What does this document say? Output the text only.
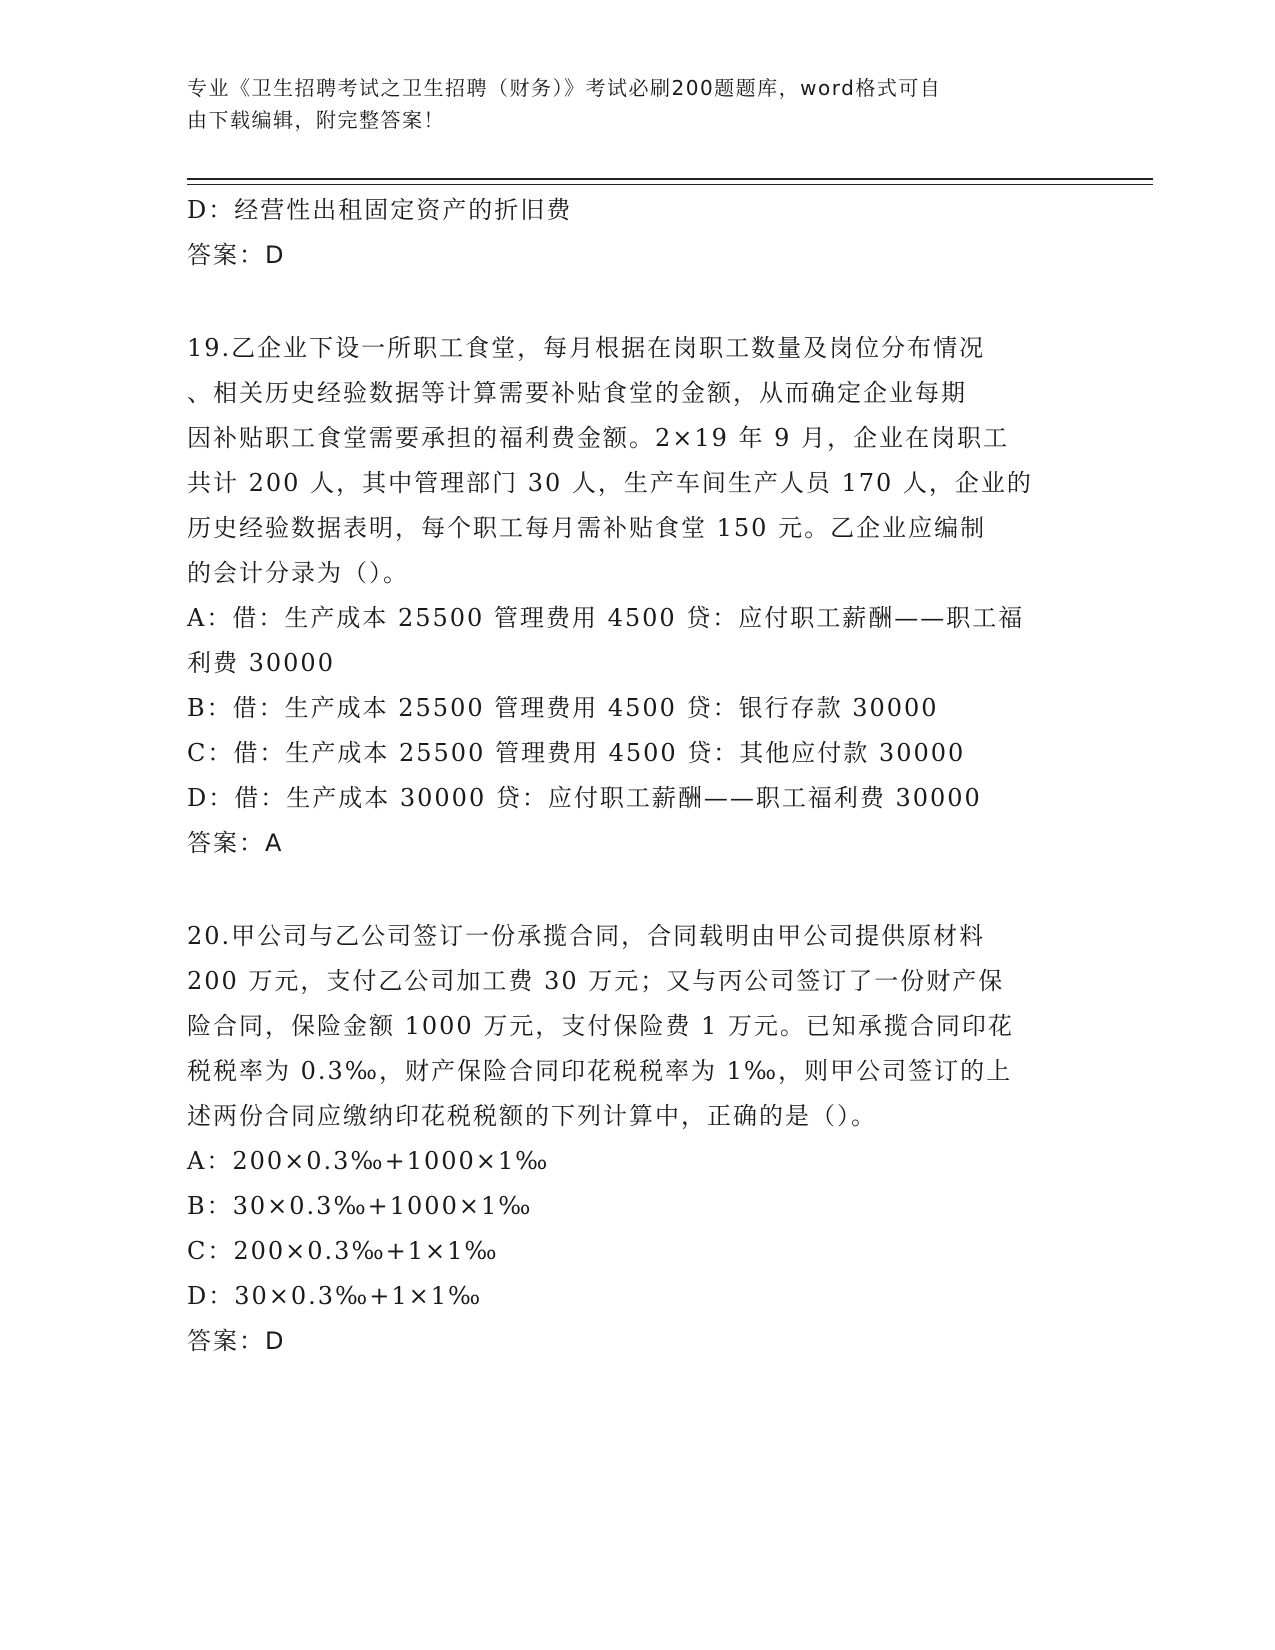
专业《卫生招聘考试之卫生招聘（财务）》考试必刷200题题库，word格式可自
由下载编辑，附完整答案！
D：经营性出租固定资产的折旧费
答案：D
19.乙企业下设一所职工食堂，每月根据在岗职工数量及岗位分布情况
、相关历史经验数据等计算需要补贴食堂的金额，从而确定企业每期
因补贴职工食堂需要承担的福利费金额。2×19 年 9 月，企业在岗职工
共计 200 人，其中管理部门 30 人，生产车间生产人员 170 人，企业的
历史经验数据表明，每个职工每月需补贴食堂 150 元。乙企业应编制
的会计分录为（）。
A：借：生产成本 25500 管理费用 4500 贷：应付职工薪酬——职工福
利费 30000
B：借：生产成本 25500 管理费用 4500 贷：银行存款 30000
C：借：生产成本 25500 管理费用 4500 贷：其他应付款 30000
D：借：生产成本 30000 贷：应付职工薪酬——职工福利费 30000
答案：A
20.甲公司与乙公司签订一份承揽合同，合同载明由甲公司提供原材料
200 万元，支付乙公司加工费 30 万元；又与丙公司签订了一份财产保
险合同，保险金额 1000 万元，支付保险费 1 万元。已知承揽合同印花
税税率为 0.3‰，财产保险合同印花税税率为 1‰，则甲公司签订的上
述两份合同应缴纳印花税税额的下列计算中，正确的是（）。
A：200×0.3‰+1000×1‰
B：30×0.3‰+1000×1‰
C：200×0.3‰+1×1‰
D：30×0.3‰+1×1‰
答案：D
